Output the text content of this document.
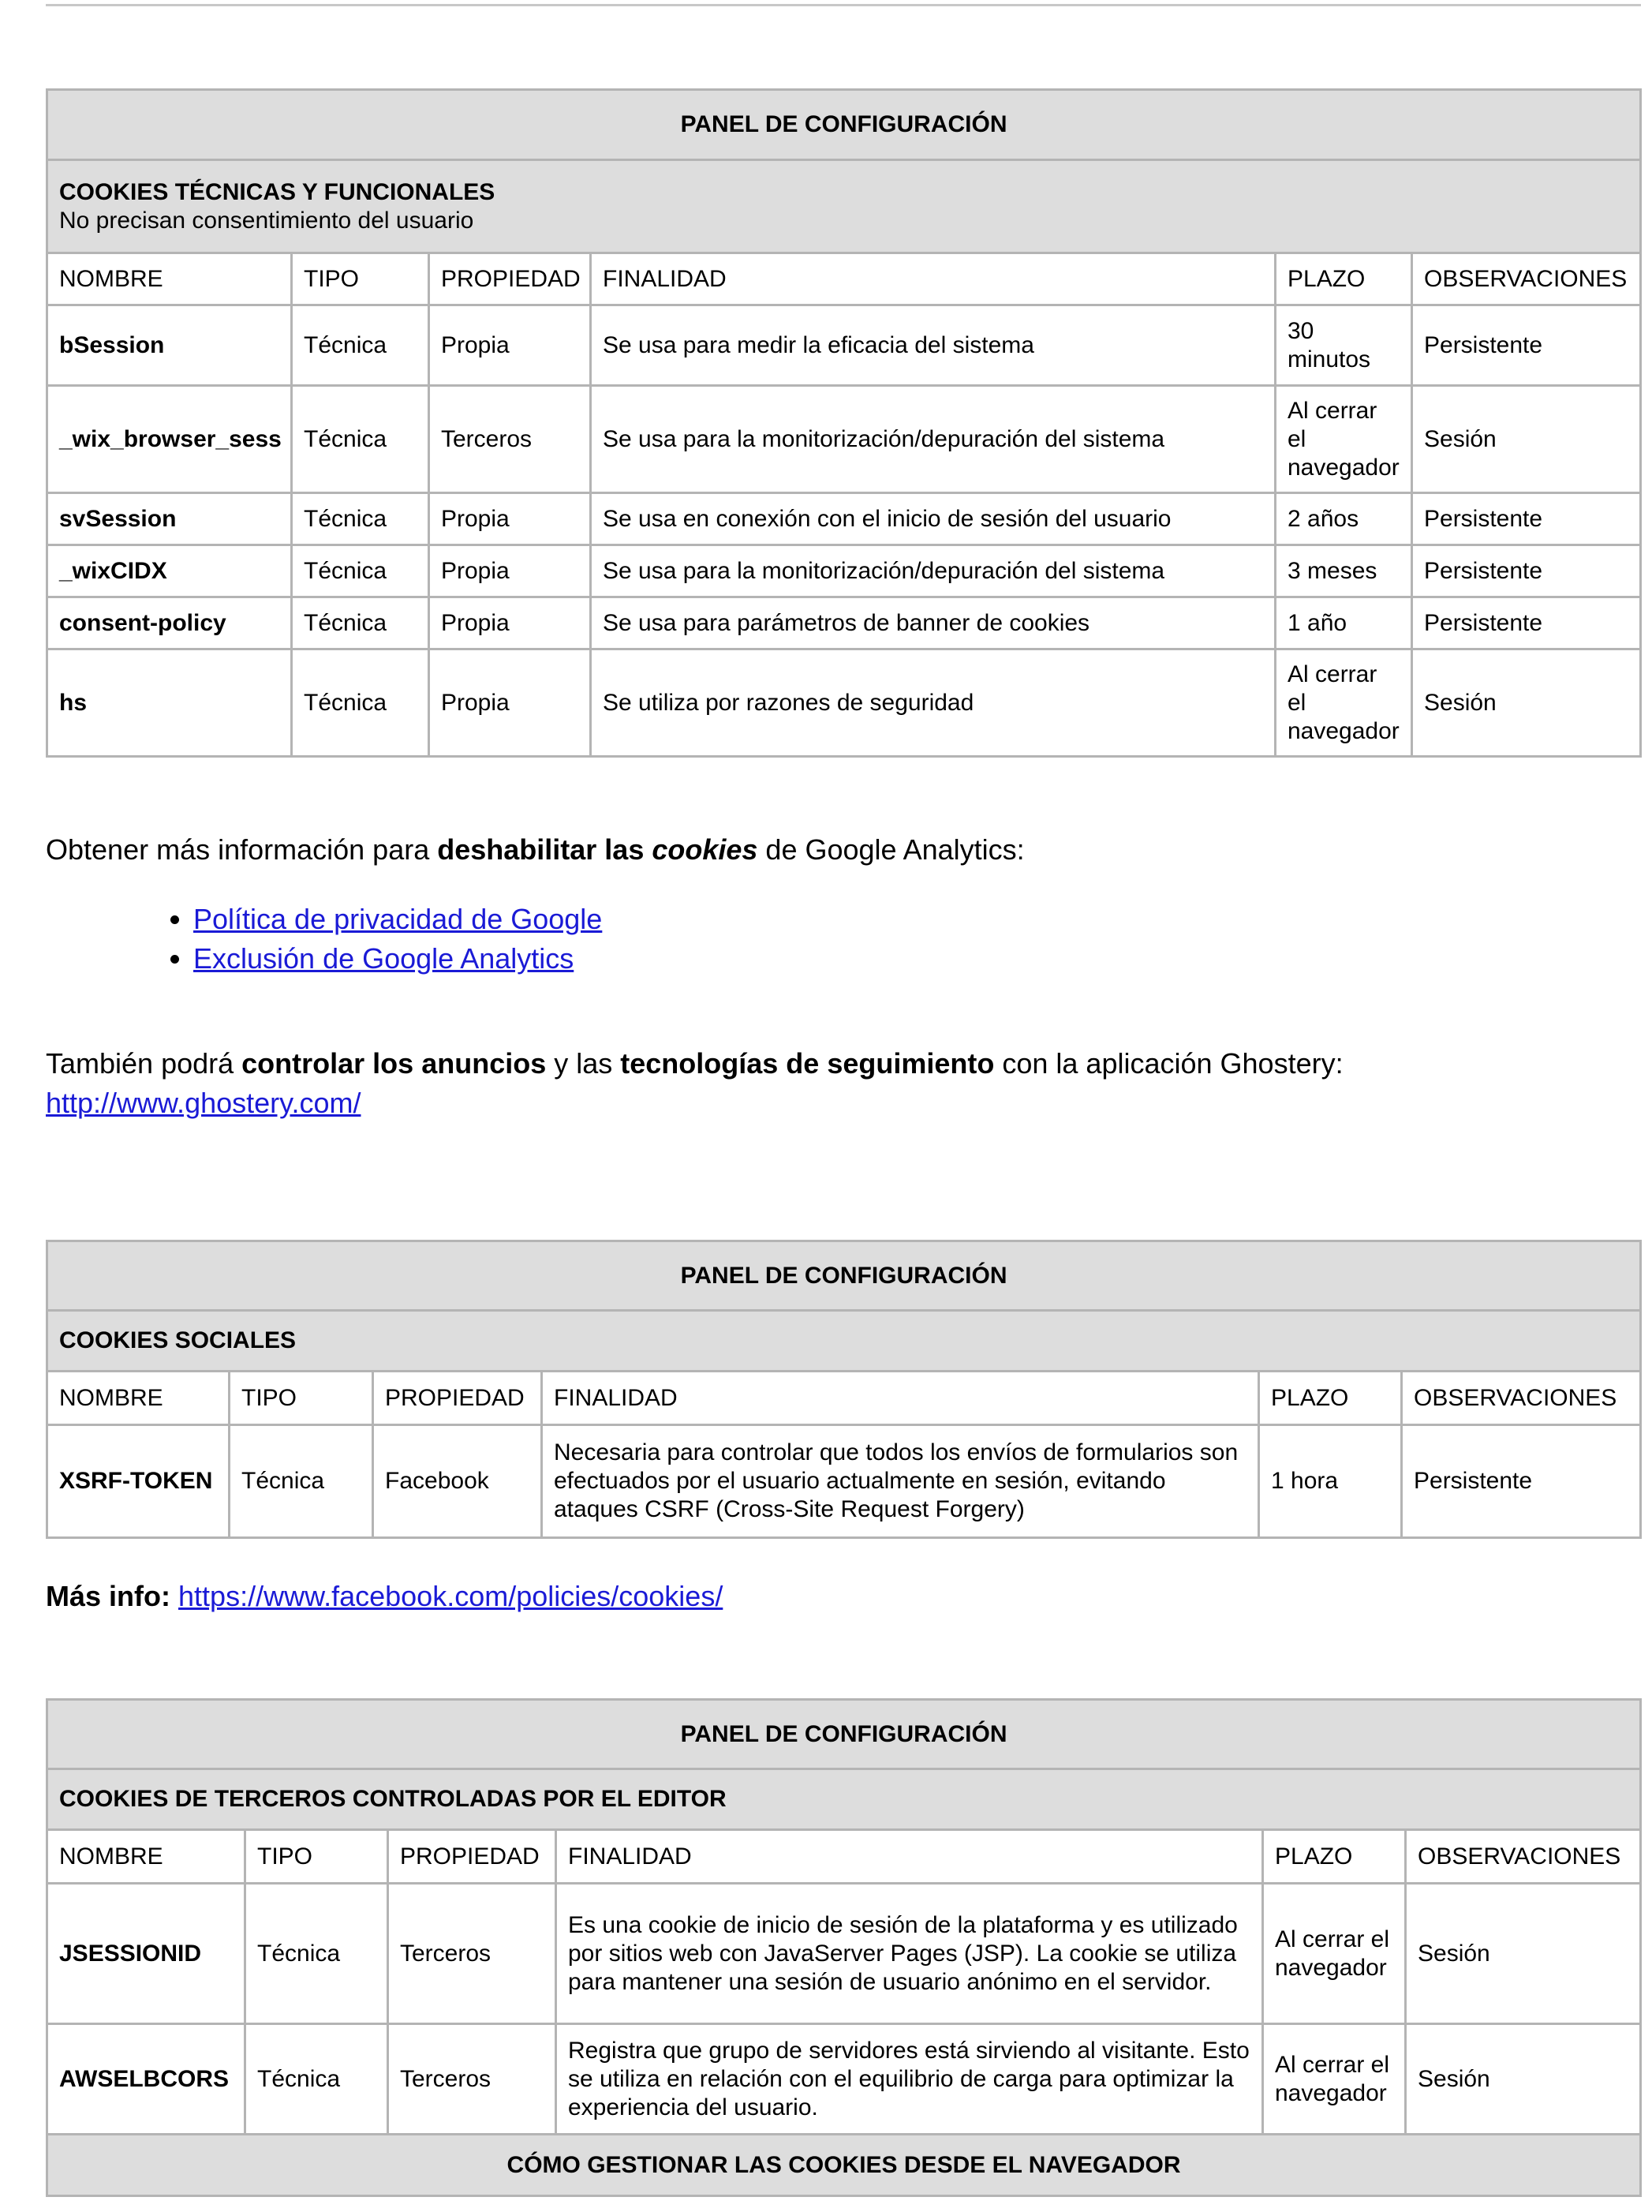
PANEL DE CONFIGURACIÓN					
COOKIES TÉCNICAS Y FUNCIONALES
No precisan consentimiento del usuario					

NOMBRE	TIPO	PROPIEDAD	FINALIDAD	PLAZO	OBSERVACIONES
bSession	Técnica	Propia	Se usa para medir la eficacia del sistema	30 minutos	Persistente
_wix_browser_sess	Técnica	Terceros	Se usa para la monitorización/depuración del sistema	Al cerrar el navegador	Sesión
svSession	Técnica	Propia	Se usa en conexión con el inicio de sesión del usuario	2 años	Persistente
_wixCIDX	Técnica	Propia	Se usa para la monitorización/depuración del sistema	3 meses	Persistente
consent-policy	Técnica	Propia	Se usa para parámetros de banner de cookies	1 año	Persistente
hs	Técnica	Propia	Se utiliza por razones de seguridad	Al cerrar el navegador	Sesión

Obtener más información para deshabilitar las cookies de Google Analytics:

• Política de privacidad de Google
• Exclusión de Google Analytics

También podrá controlar los anuncios y las tecnologías de seguimiento con la aplicación Ghostery:
http://www.ghostery.com/

PANEL DE CONFIGURACIÓN					
COOKIES SOCIALES					
NOMBRE	TIPO	PROPIEDAD	FINALIDAD	PLAZO	OBSERVACIONES
XSRF-TOKEN	Técnica	Facebook	Necesaria para controlar que todos los envíos de formularios son efectuados por el usuario actualmente en sesión, evitando ataques CSRF (Cross-Site Request Forgery)	1 hora	Persistente

Más info: https://www.facebook.com/policies/cookies/

PANEL DE CONFIGURACIÓN					
COOKIES DE TERCEROS CONTROLADAS POR EL EDITOR					
NOMBRE	TIPO	PROPIEDAD	FINALIDAD	PLAZO	OBSERVACIONES
JSESSIONID	Técnica	Terceros	Es una cookie de inicio de sesión de la plataforma y es utilizado por sitios web con JavaServer Pages (JSP). La cookie se utiliza para mantener una sesión de usuario anónimo en el servidor.	Al cerrar el navegador	Sesión
AWSELBCORS	Técnica	Terceros	Registra que grupo de servidores está sirviendo al visitante. Esto se utiliza en relación con el equilibrio de carga para optimizar la experiencia del usuario.	Al cerrar el navegador	Sesión
CÓMO GESTIONAR LAS COOKIES DESDE EL NAVEGADOR					
